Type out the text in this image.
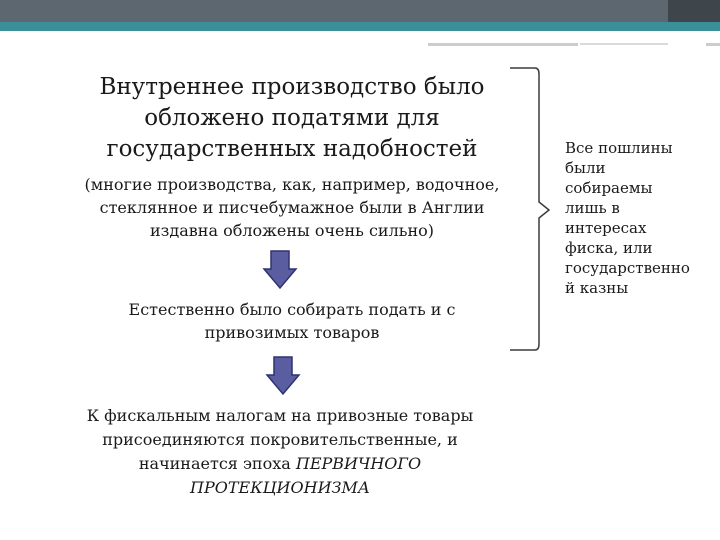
Внутреннее производство было
обложено податями для
государственных надобностей
(многие производства, как, например, водочное,
стеклянное и писчебумажное были в Англии
издавна обложены очень сильно)
Естественно было собирать подать и с
привозимых товаров
К фискальным налогам на привозные товары
присоединяются покровительственные, и
начинается эпоха ПЕРВИЧНОГО
ПРОТЕКЦИОНИЗМА
Все пошлины
были
собираемы
лишь в
интересах
фиска, или
государственно
й казны
